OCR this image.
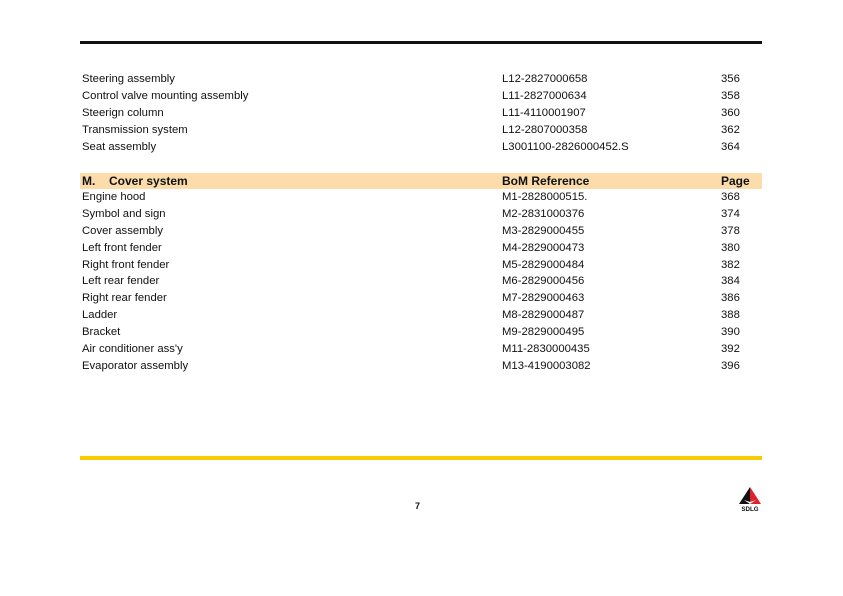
Steering assembly	L12-2827000658	356
Control valve mounting assembly	L11-2827000634	358
Steerign column	L11-4110001907	360
Transmission system	L12-2807000358	362
Seat assembly	L3001100-2826000452.S	364
M. Cover system	BoM Reference	Page
Engine hood	M1-2828000515.	368
Symbol and sign	M2-2831000376	374
Cover assembly	M3-2829000455	378
Left front fender	M4-2829000473	380
Right front fender	M5-2829000484	382
Left rear fender	M6-2829000456	384
Right rear fender	M7-2829000463	386
Ladder	M8-2829000487	388
Bracket	M9-2829000495	390
Air conditioner ass'y	M11-2830000435	392
Evaporator assembly	M13-4190003082	396
7	SDLG
